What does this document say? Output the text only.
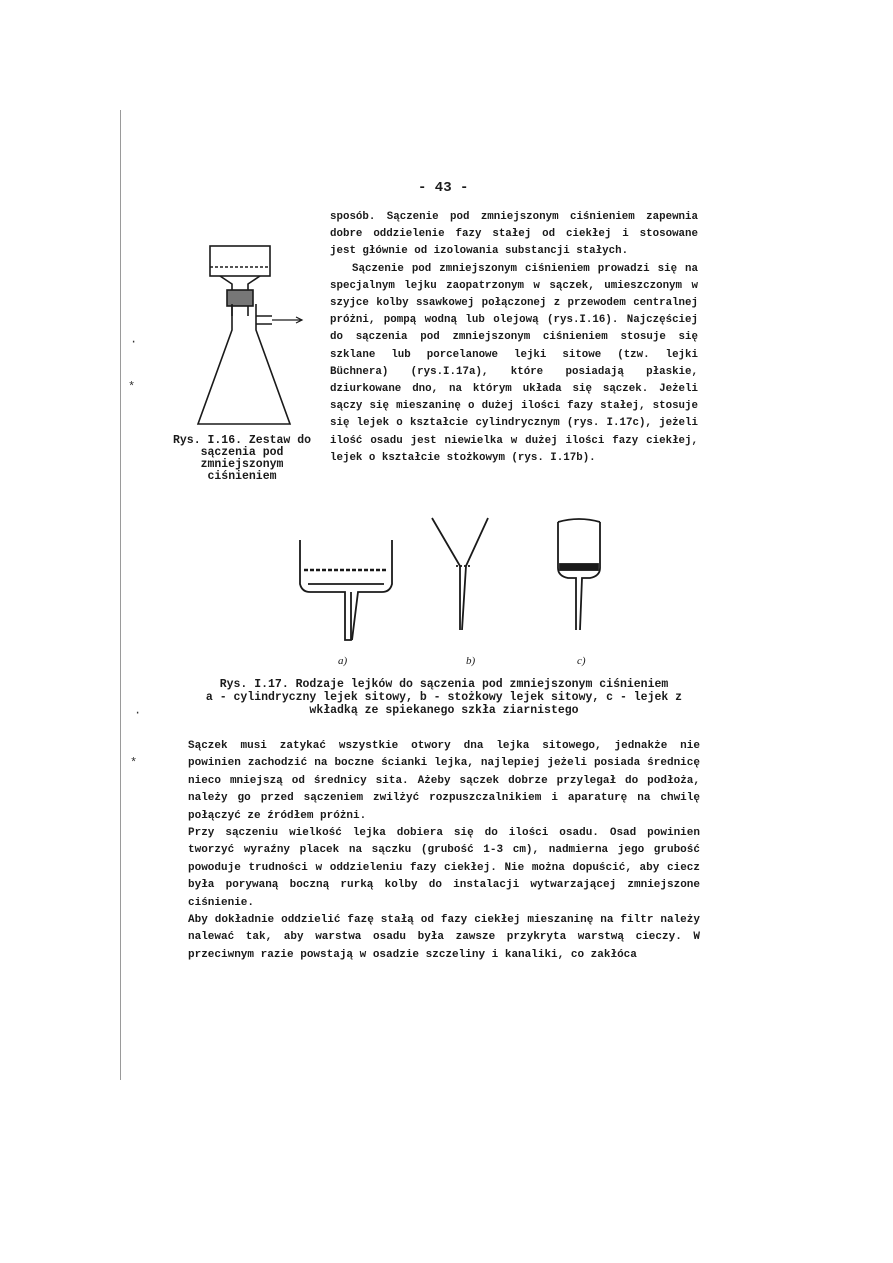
·
*
·
*
- 43 -
Rys. I.16. Zestaw do sączenia pod zmniejszonym ciśnieniem

sposób. Sączenie pod zmniejszonym ciśnieniem zapewnia dobre oddzielenie fazy stałej od ciekłej i stosowane jest głównie od izolowania substancji stałych.

Sączenie pod zmniejszonym ciśnieniem prowadzi się na specjalnym lejku zaopatrzonym w sączek, umieszczonym w szyjce kolby ssawkowej połączonej z przewodem centralnej próżni, pompą wodną lub olejową (rys.I.16). Najczęściej do sączenia pod zmniejszonym ciśnieniem stosuje się szklane lub porcelanowe lejki sitowe (tzw. lejki Büchnera) (rys.I.17a), które posiadają płaskie, dziurkowane dno, na którym układa się sączek. Jeżeli sączy się mieszaninę o dużej ilości fazy stałej, stosuje się lejek o kształcie cylindrycznym (rys. I.17c), jeżeli ilość osadu jest niewielka w dużej ilości fazy ciekłej, lejek o kształcie stożkowym (rys. I.17b).

a)	b)	c)

Rys. I.17. Rodzaje lejków do sączenia pod zmniejszonym ciśnieniem

a - cylindryczny lejek sitowy, b - stożkowy lejek sitowy, c - lejek z wkładką ze spiekanego szkła ziarnistego

Sączek musi zatykać wszystkie otwory dna lejka sitowego, jednakże nie powinien zachodzić na boczne ścianki lejka, najlepiej jeżeli posiada średnicę nieco mniejszą od średnicy sita. Ażeby sączek dobrze przylegał do podłoża, należy go przed sączeniem zwilżyć rozpuszczalnikiem i aparaturę na chwilę połączyć ze źródłem próżni.

Przy sączeniu wielkość lejka dobiera się do ilości osadu. Osad powinien tworzyć wyraźny placek na sączku (grubość 1-3 cm), nadmierna jego grubość powoduje trudności w oddzieleniu fazy ciekłej. Nie można dopuścić, aby ciecz była porywaną boczną rurką kolby do instalacji wytwarzającej zmniejszone ciśnienie.

Aby dokładnie oddzielić fazę stałą od fazy ciekłej mieszaninę na filtr należy nalewać tak, aby warstwa osadu była zawsze przykryta warstwą cieczy. W przeciwnym razie powstają w osadzie szczeliny i kanaliki, co zakłóca
